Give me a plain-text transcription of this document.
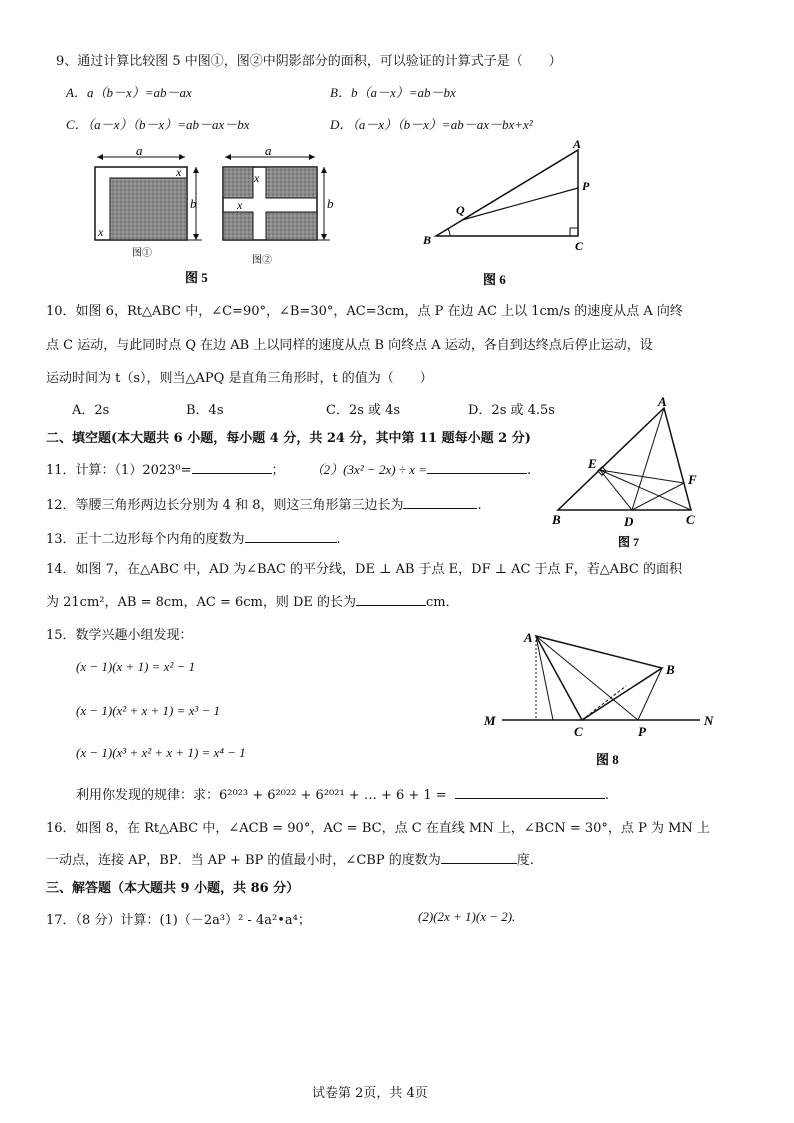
9、通过计算比较图 5 中图①，图②中阴影部分的面积，可以验证的计算式子是（　　）
A．a（b－x）=ab－ax	B．b（a－x）=ab－bx
C．（a－x）（b－x）=ab－ax－bx	D．（a－x）（b－x）=ab－ax－bx+x²
a
x
x
b
a
x
x	b
图①
图②
图 5
A
B	C
P
Q
图 6
10．如图 6，Rt△ABC 中，∠C=90°，∠B=30°，AC=3cm，点 P 在边 AC 上以 1cm/s 的速度从点 A 向终
点 C 运动，与此同时点 Q 在边 AB 上以同样的速度从点 B 向终点 A 运动，各自到达终点后停止运动，设
运动时间为 t（s），则当△APQ 是直角三角形时，t 的值为（　　）
A．2s	B．4s	C．2s 或 4s	D．2s 或 4.5s
二、填空题(本大题共 6 小题，每小题 4 分，共 24 分，其中第 11 题每小题 2 分)
11．计算：（1）2023⁰=	； （2）(3x² − 2x) ÷ x =	.
12．等腰三角形两边长分别为 4 和 8，则这三角形第三边长为	.
13．正十二边形每个内角的度数为	.
A
B	C
D
E
F
图 7
14．如图 7，在△ABC 中，AD 为∠BAC 的平分线，DE ⊥ AB 于点 E，DF ⊥ AC 于点 F，若△ABC 的面积
为 21cm²，AB = 8cm，AC = 6cm，则 DE 的长为	cm．
15．数学兴趣小组发现：
(x − 1)(x + 1) = x² − 1
(x − 1)(x² + x + 1) = x³ − 1
(x − 1)(x³ + x² + x + 1) = x⁴ − 1
利用你发现的规律：求：6²⁰²³ + 6²⁰²² + 6²⁰²¹ + … + 6 + 1 =	.
A
B
C	P
M	N
图 8
16．如图 8，在 Rt△ABC 中，∠ACB = 90°，AC = BC，点 C 在直线 MN 上，∠BCN = 30°，点 P 为 MN 上
一动点，连接 AP，BP．当 AP + BP 的值最小时，∠CBP 的度数为	度.
三、解答题（本大题共 9 小题，共 86 分）
17．（8 分）计算：(1)（－2a³）² - 4a²•a⁴；	(2)(2x + 1)(x − 2).
试卷第 2页，共 4页
